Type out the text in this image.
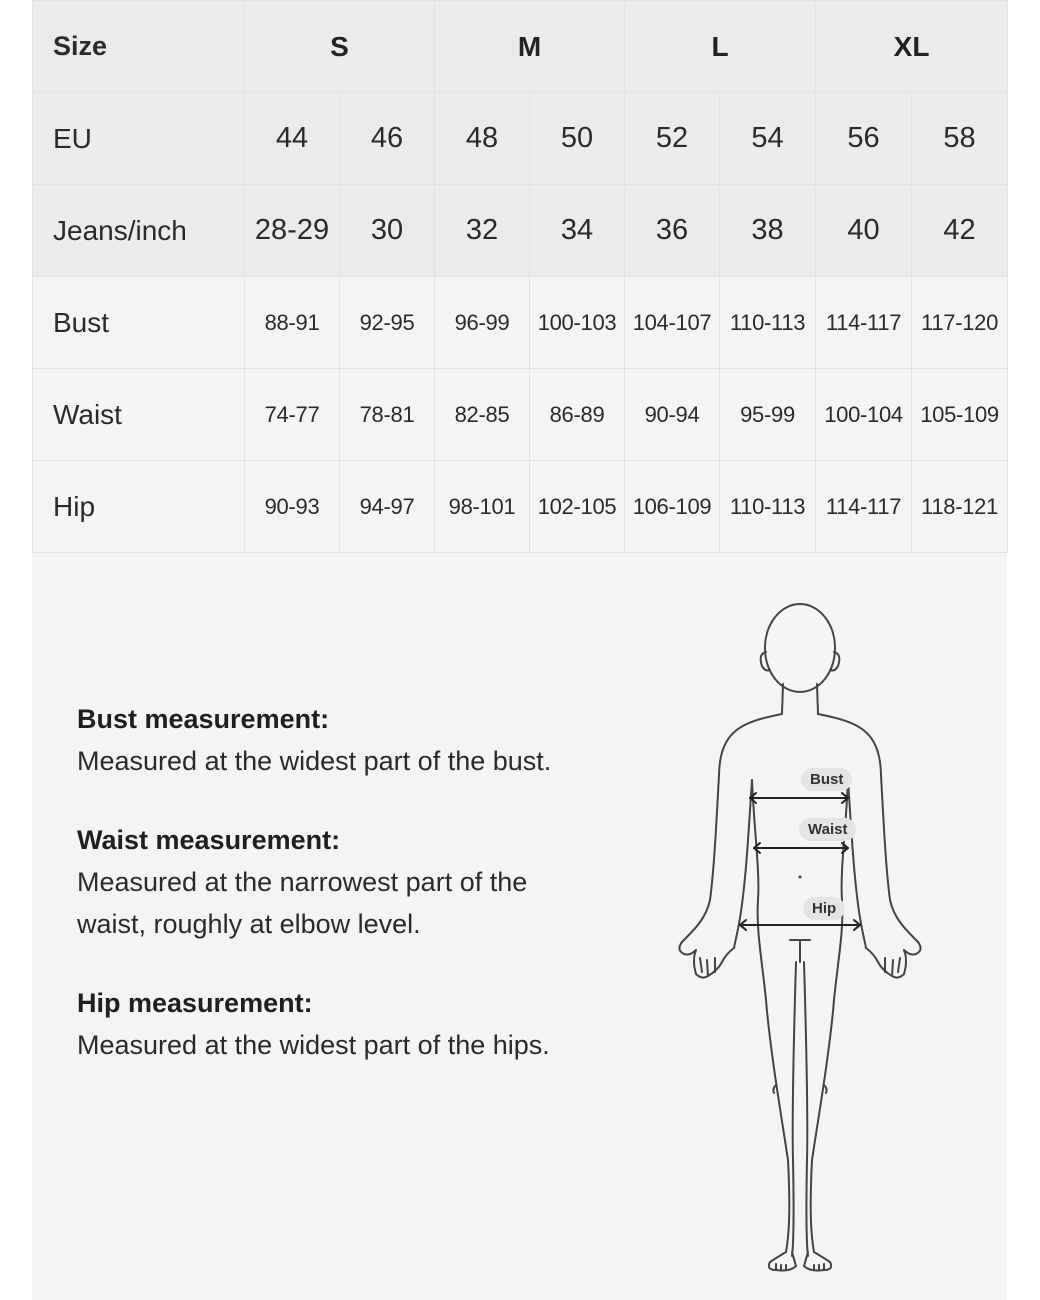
Size	S		M		L		XL	
EU	44	46	48	50	52	54	56	58
Jeans/inch	28-29	30	32	34	36	38	40	42
Bust	88-91	92-95	96-99	100-103	104-107	110-113	114-117	117-120
Waist	74-77	78-81	82-85	86-89	90-94	95-99	100-104	105-109
Hip	90-93	94-97	98-101	102-105	106-109	110-113	114-117	118-121
Bust measurement:
Measured at the widest part of the bust.
Waist measurement:
Measured at the narrowest part of the
waist, roughly at elbow level.
Hip measurement:
Measured at the widest part of the hips.
Bust
Waist
Hip
